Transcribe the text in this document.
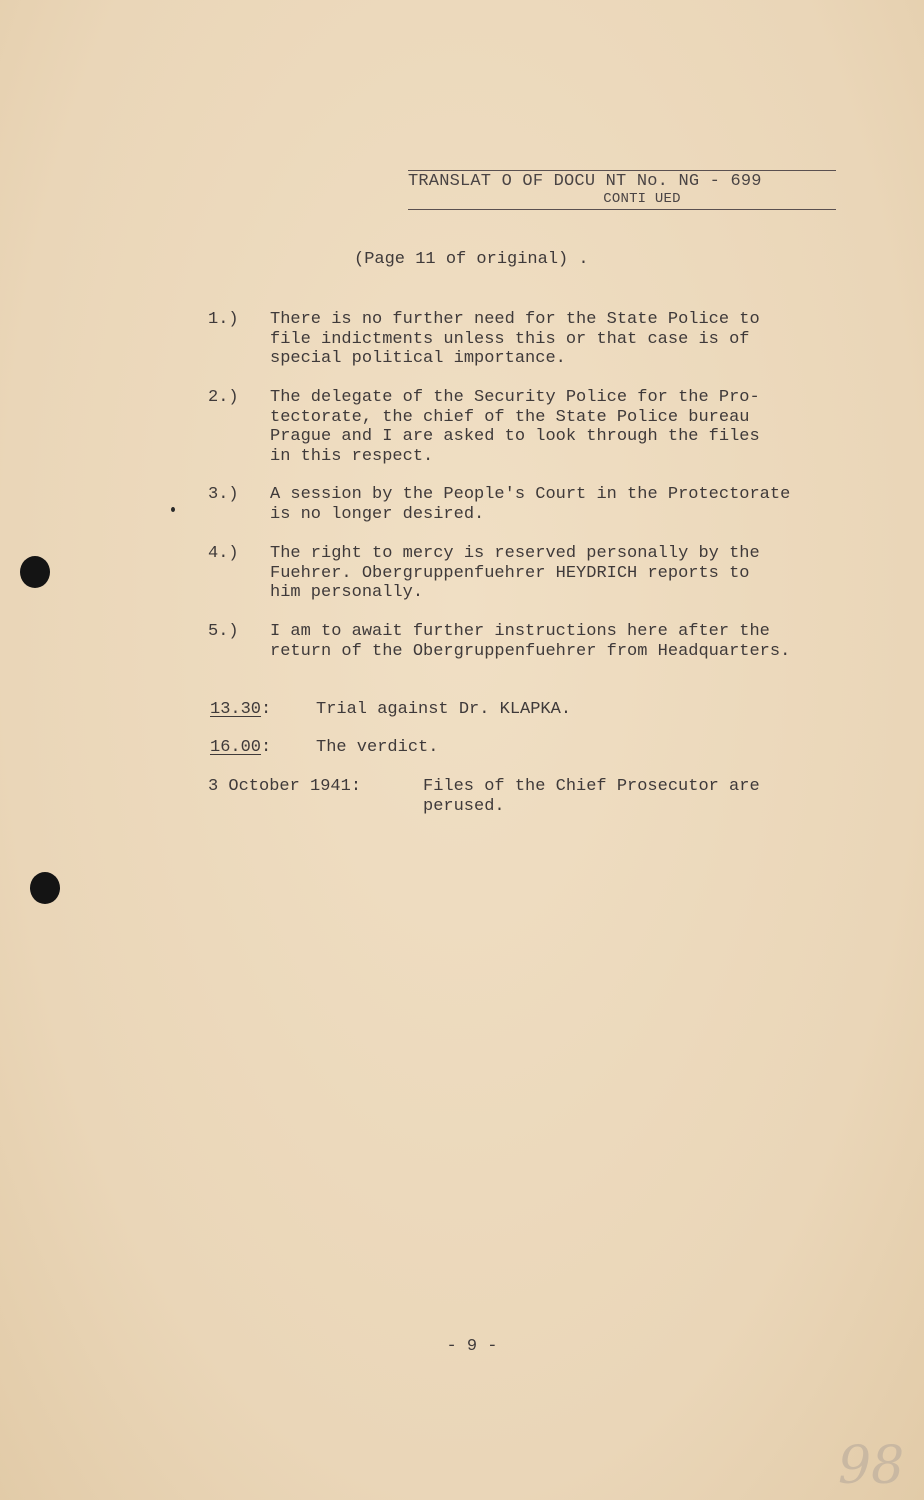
TRANSLAT O OF DOCU NT No. NG - 699
CONTI UED
(Page 11 of original) .
1.)	There is no further need for the State Police to
file indictments unless this or that case is of
special political importance.
2.)	The delegate of the Security Police for the Pro-
tectorate, the chief of the State Police bureau
Prague and I are asked to look through the files
in this respect.
3.)	A session by the People's Court in the Protectorate
is no longer desired.
4.)	The right to mercy is reserved personally by the
Fuehrer. Obergruppenfuehrer HEYDRICH reports to
him personally.
5.)	I am to await further instructions here after the
return of the Obergruppenfuehrer from Headquarters.
13.30:	Trial against Dr. KLAPKA.
16.00:	The verdict.
3 October 1941:	Files of the Chief Prosecutor are
perused.
- 9 -
98
